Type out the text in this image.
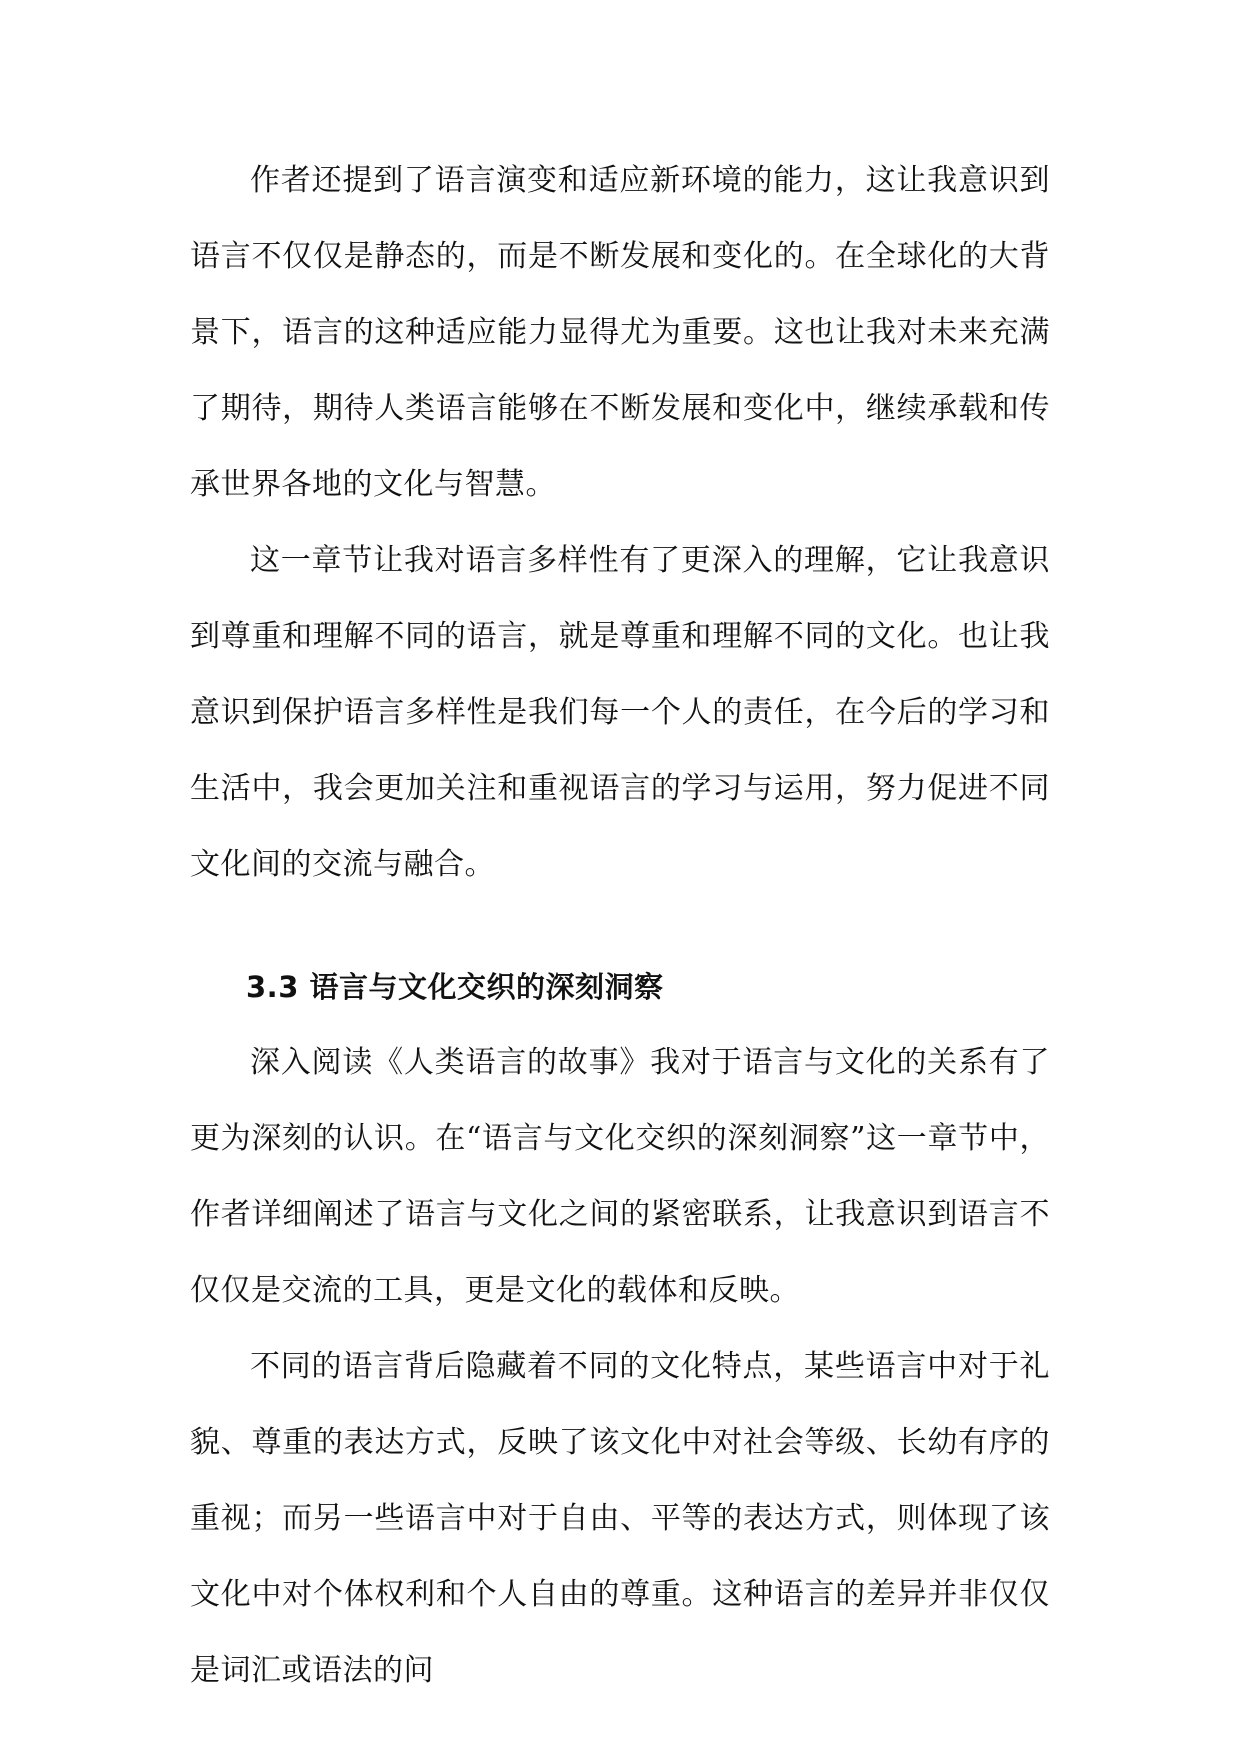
作者还提到了语言演变和适应新环境的能力，这让我意识到语言不仅仅是静态的，而是不断发展和变化的。在全球化的大背景下，语言的这种适应能力显得尤为重要。这也让我对未来充满了期待，期待人类语言能够在不断发展和变化中，继续承载和传承世界各地的文化与智慧。

这一章节让我对语言多样性有了更深入的理解，它让我意识到尊重和理解不同的语言，就是尊重和理解不同的文化。也让我意识到保护语言多样性是我们每一个人的责任，在今后的学习和生活中，我会更加关注和重视语言的学习与运用，努力促进不同文化间的交流与融合。

3.3 语言与文化交织的深刻洞察

深入阅读《人类语言的故事》我对于语言与文化的关系有了更为深刻的认识。在“语言与文化交织的深刻洞察”这一章节中，作者详细阐述了语言与文化之间的紧密联系，让我意识到语言不仅仅是交流的工具，更是文化的载体和反映。

不同的语言背后隐藏着不同的文化特点，某些语言中对于礼貌、尊重的表达方式，反映了该文化中对社会等级、长幼有序的重视；而另一些语言中对于自由、平等的表达方式，则体现了该文化中对个体权利和个人自由的尊重。这种语言的差异并非仅仅是词汇或语法的问
